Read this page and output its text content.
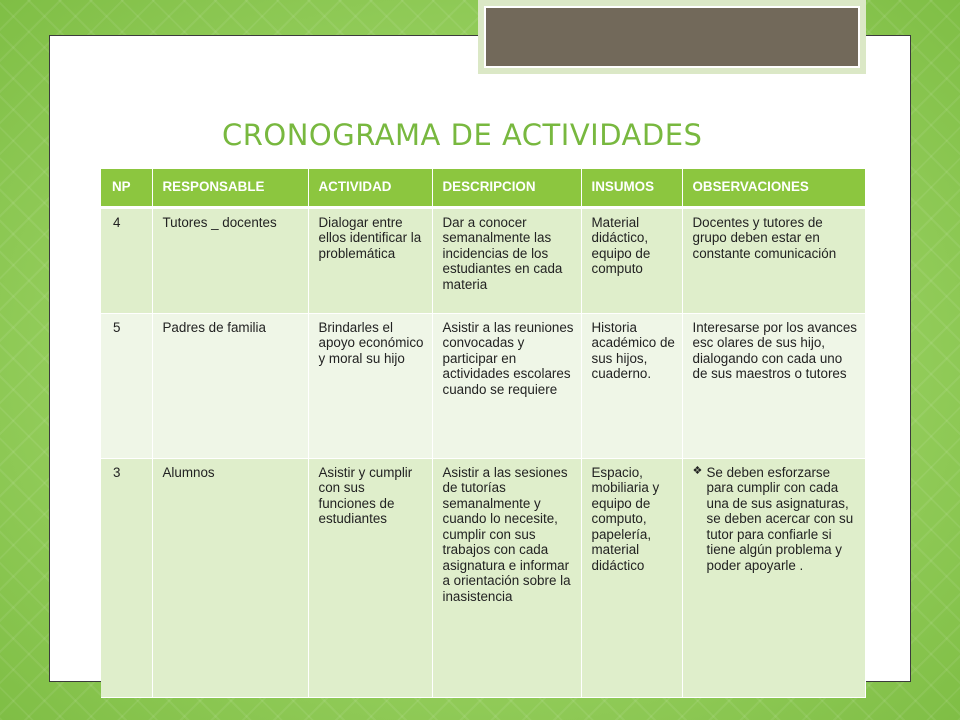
CRONOGRAMA DE ACTIVIDADES
NP	RESPONSABLE	ACTIVIDAD	DESCRIPCION	INSUMOS	OBSERVACIONES
4	Tutores _ docentes	Dialogar entre ellos identificar la problemática	Dar a conocer semanalmente las incidencias de los estudiantes en cada materia	Material didáctico, equipo de computo	Docentes y tutores de grupo deben estar en constante comunicación
5	Padres de familia	Brindarles el apoyo económico y moral su hijo	Asistir a las reuniones convocadas y participar en actividades escolares cuando se requiere	Historia académico de sus hijos, cuaderno.	Interesarse por los avances esc olares de sus hijo, dialogando con cada uno de sus maestros o tutores
3	Alumnos	Asistir y cumplir con sus funciones de estudiantes	Asistir a las sesiones de tutorías semanalmente y cuando lo necesite, cumplir con sus trabajos con cada asignatura e informar a orientación sobre la inasistencia	Espacio, mobiliaria y equipo de computo, papelería, material didáctico	❖ Se deben esforzarse para cumplir con cada una de sus asignaturas, se deben acercar con su tutor para confiarle si tiene algún problema y poder apoyarle .
